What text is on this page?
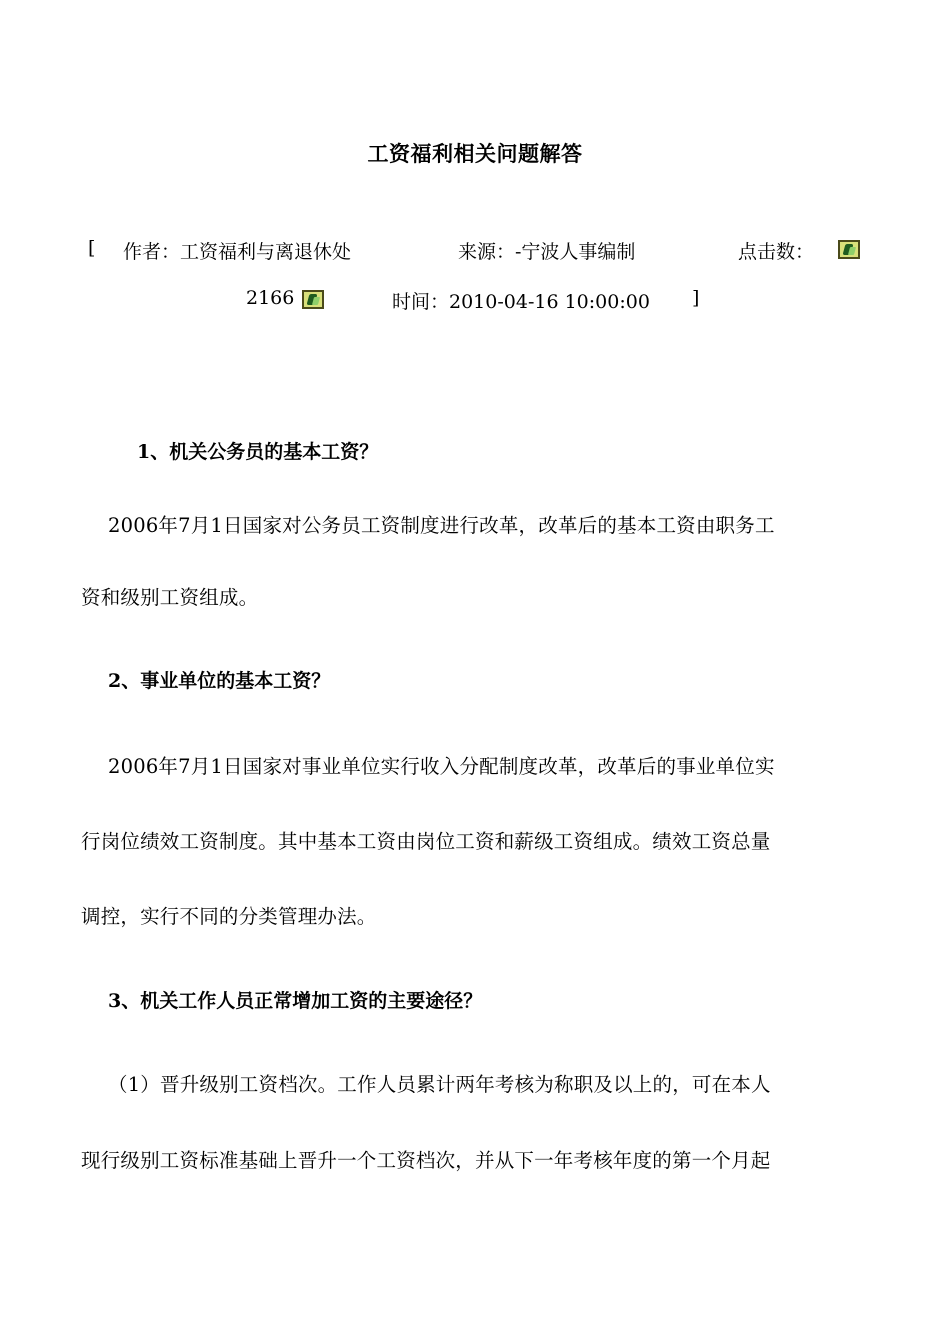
工资福利相关问题解答
[ 作者：工资福利与离退休处	来源：-宁波人事编制	点击数：
2166	时间：2010-04-16 10:00:00 ]
1、机关公务员的基本工资？
2006年7月1日国家对公务员工资制度进行改革，改革后的基本工资由职务工
资和级别工资组成。
2、事业单位的基本工资？
2006年7月1日国家对事业单位实行收入分配制度改革，改革后的事业单位实
行岗位绩效工资制度。其中基本工资由岗位工资和薪级工资组成。绩效工资总量
调控，实行不同的分类管理办法。
3、机关工作人员正常增加工资的主要途径？
（1）晋升级别工资档次。工作人员累计两年考核为称职及以上的，可在本人
现行级别工资标准基础上晋升一个工资档次，并从下一年考核年度的第一个月起
